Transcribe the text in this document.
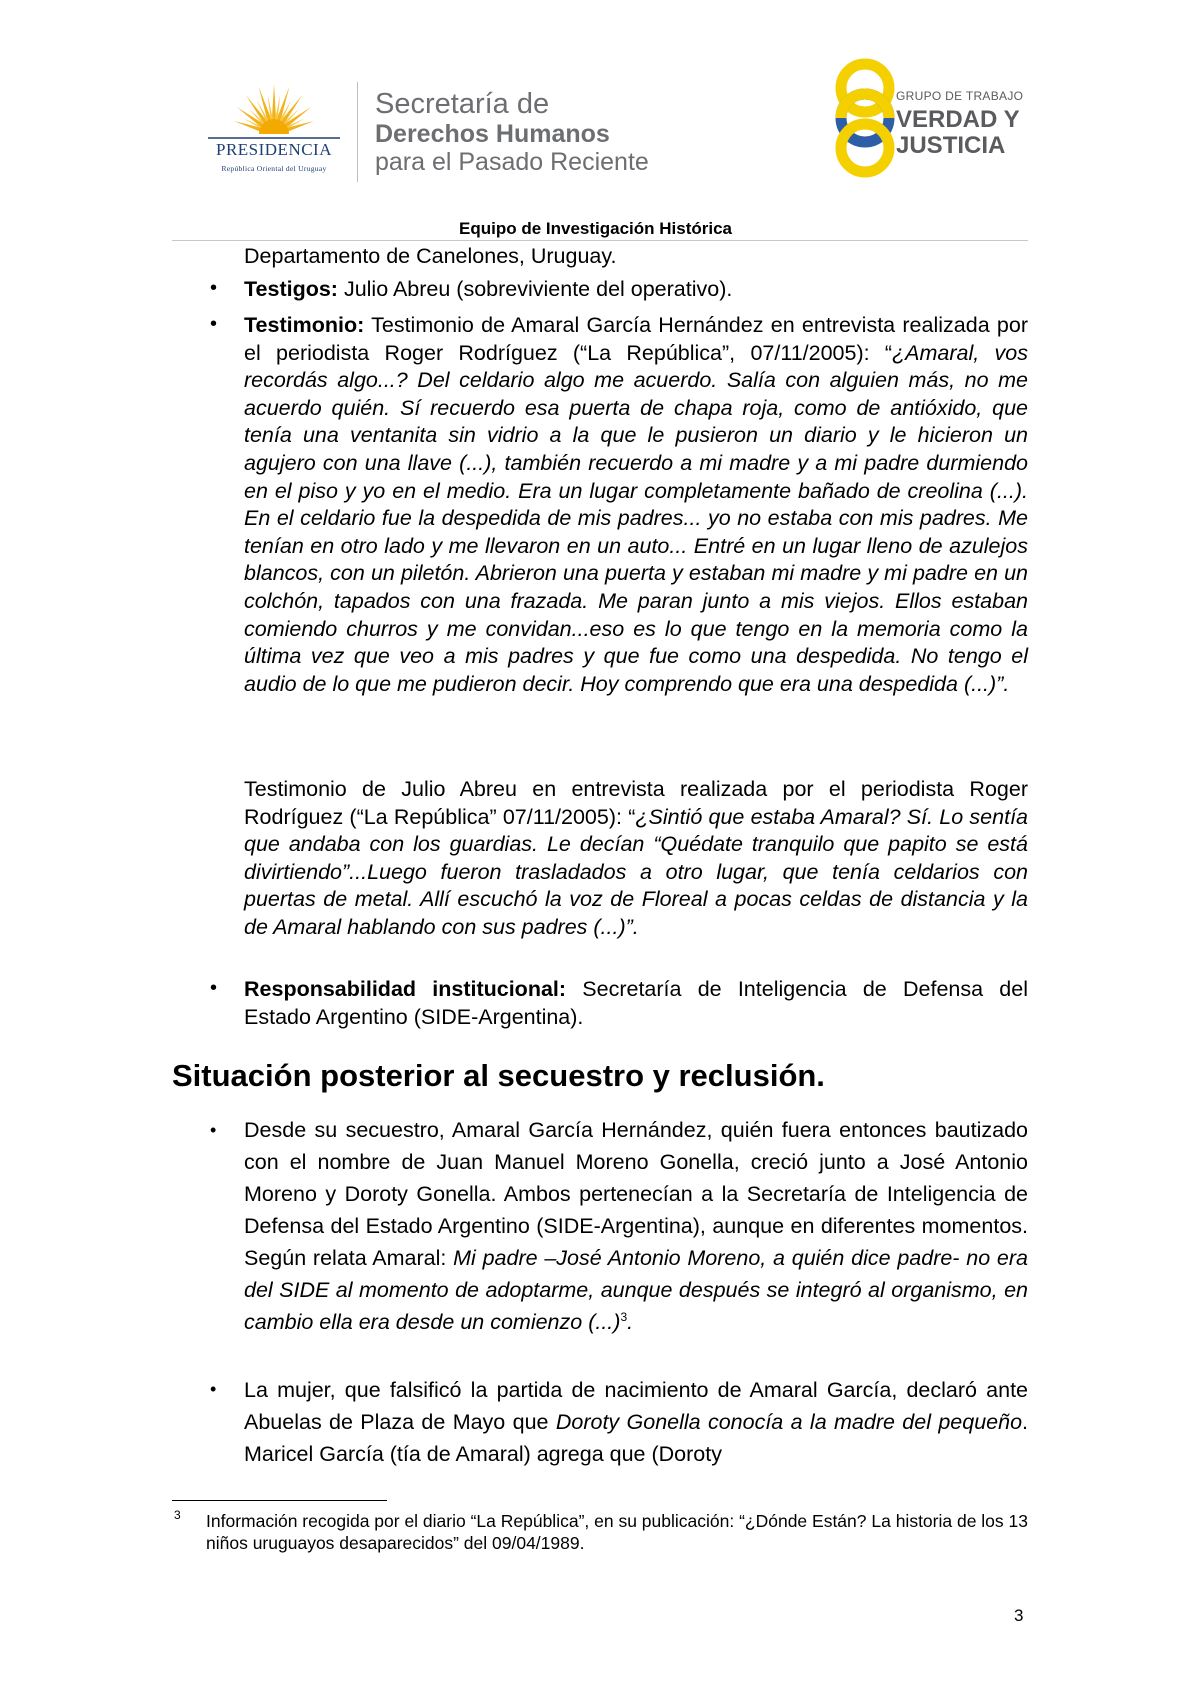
PRESIDENCIA
República Oriental del Uruguay
Secretaría de
Derechos Humanos
para el Pasado Reciente
GRUPO DE TRABAJO
VERDAD Y
JUSTICIA
Equipo de Investigación Histórica
Departamento de Canelones, Uruguay.
• Testigos: Julio Abreu (sobreviviente del operativo).
• Testimonio: Testimonio de Amaral García Hernández en entrevista realizada por el periodista Roger Rodríguez (“La República”, 07/11/2005): “¿Amaral, vos recordás algo...? Del celdario algo me acuerdo. Salía con alguien más, no me acuerdo quién. Sí recuerdo esa puerta de chapa roja, como de antióxido, que tenía una ventanita sin vidrio a la que le pusieron un diario y le hicieron un agujero con una llave (...), también recuerdo a mi madre y a mi padre durmiendo en el piso y yo en el medio. Era un lugar completamente bañado de creolina (...). En el celdario fue la despedida de mis padres... yo no estaba con mis padres. Me tenían en otro lado y me llevaron en un auto... Entré en un lugar lleno de azulejos blancos, con un piletón. Abrieron una puerta y estaban mi madre y mi padre en un colchón, tapados con una frazada. Me paran junto a mis viejos. Ellos estaban comiendo churros y me convidan...eso es lo que tengo en la memoria como la última vez que veo a mis padres y que fue como una despedida. No tengo el audio de lo que me pudieron decir. Hoy comprendo que era una despedida (...)”.
Testimonio de Julio Abreu en entrevista realizada por el periodista Roger Rodríguez (“La República” 07/11/2005): “¿Sintió que estaba Amaral? Sí. Lo sentía que andaba con los guardias. Le decían “Quédate tranquilo que papito se está divirtiendo”...Luego fueron trasladados a otro lugar, que tenía celdarios con puertas de metal. Allí escuchó la voz de Floreal a pocas celdas de distancia y la de Amaral hablando con sus padres (...)”.
• Responsabilidad institucional: Secretaría de Inteligencia de Defensa del Estado Argentino (SIDE-Argentina).
Situación posterior al secuestro y reclusión.
• Desde su secuestro, Amaral García Hernández, quién fuera entonces bautizado con el nombre de Juan Manuel Moreno Gonella, creció junto a José Antonio Moreno y Doroty Gonella. Ambos pertenecían a la Secretaría de Inteligencia de Defensa del Estado Argentino (SIDE-Argentina), aunque en diferentes momentos. Según relata Amaral: Mi padre –José Antonio Moreno, a quién dice padre- no era del SIDE al momento de adoptarme, aunque después se integró al organismo, en cambio ella era desde un comienzo (...)$^3$.
• La mujer, que falsificó la partida de nacimiento de Amaral García, declaró ante Abuelas de Plaza de Mayo que Doroty Gonella conocía a la madre del pequeño. Maricel García (tía de Amaral) agrega que (Doroty
3 Información recogida por el diario “La República”, en su publicación: “¿Dónde Están? La historia de los 13 niños uruguayos desaparecidos” del 09/04/1989.
3
